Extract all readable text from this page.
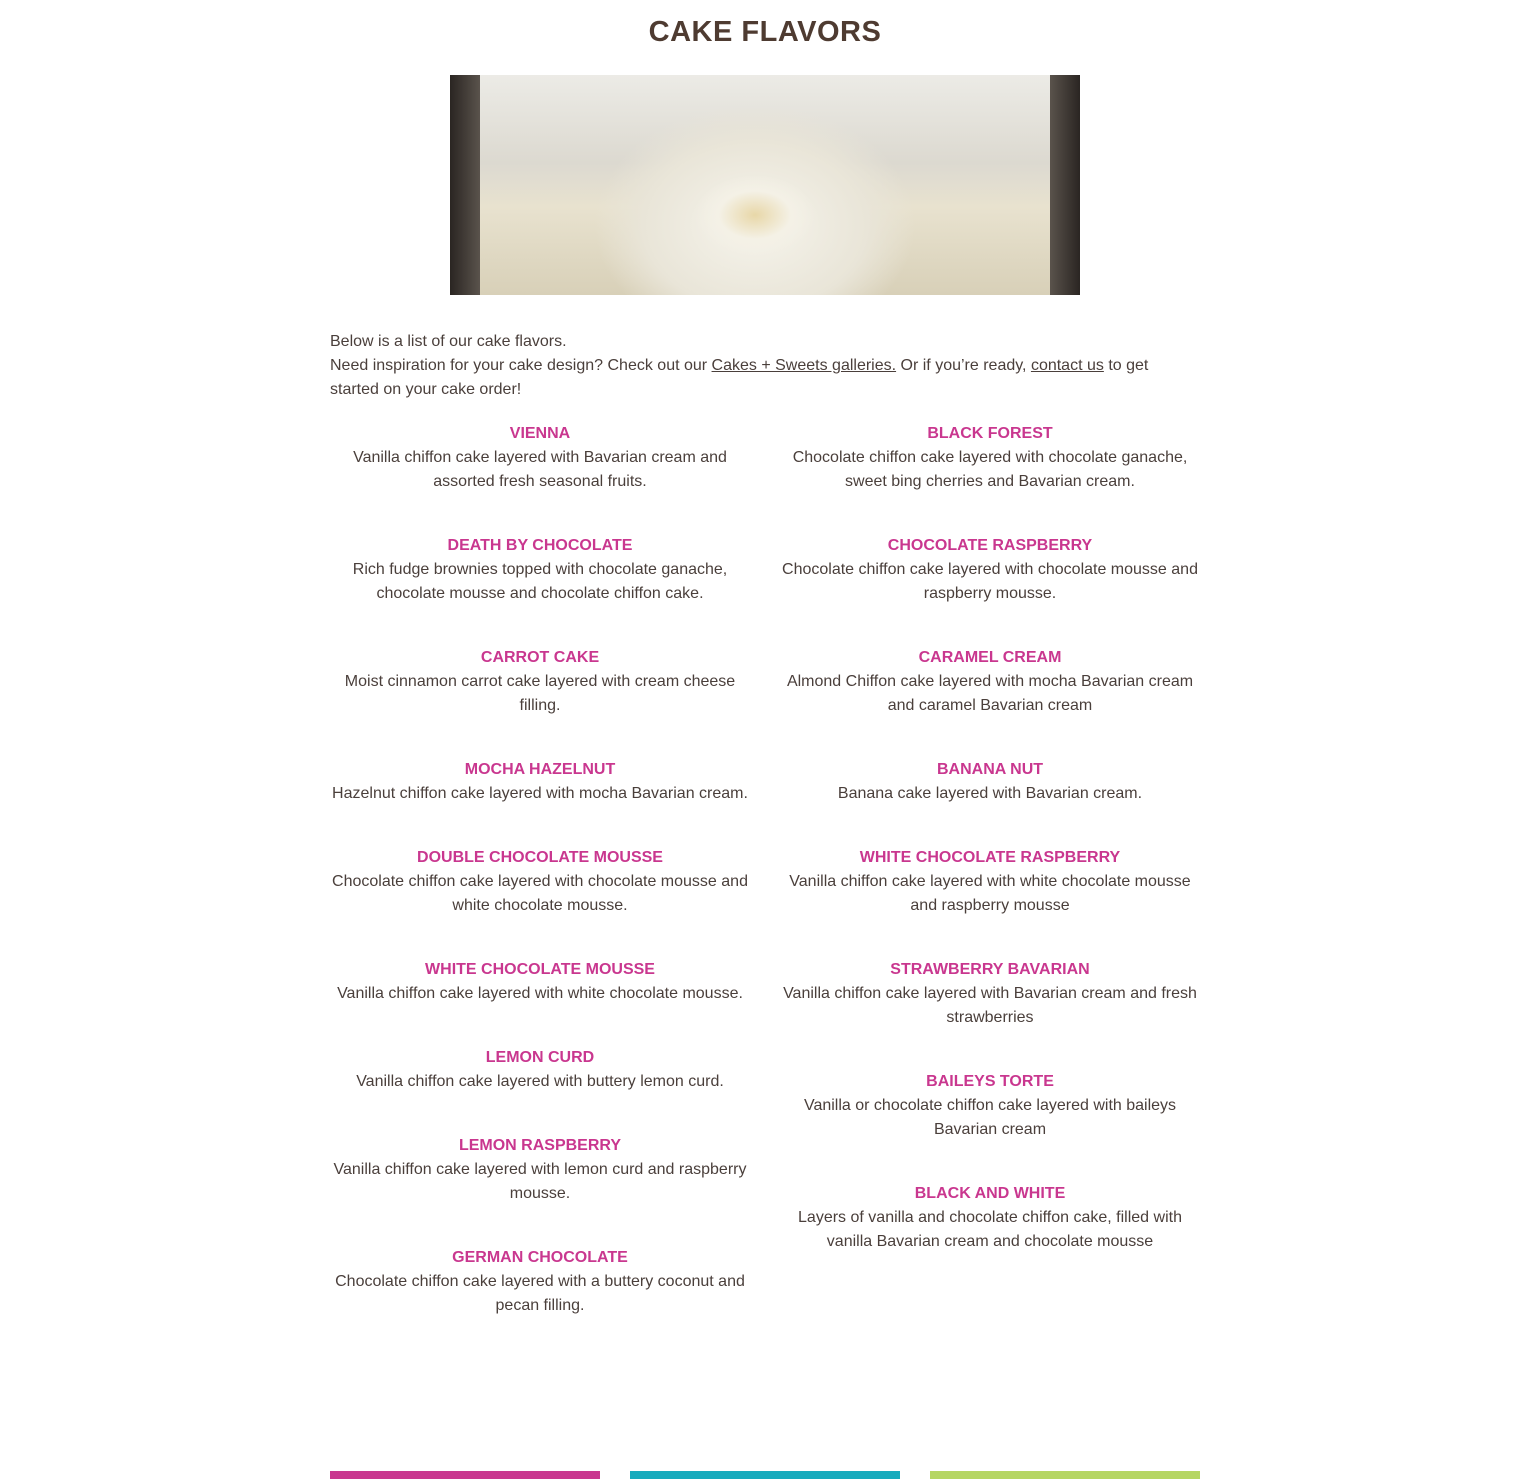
CAKE FLAVORS
Below is a list of our cake flavors.
Need inspiration for your cake design? Check out our Cakes + Sweets galleries. Or if you’re ready, contact us to get started on your cake order!
VIENNA

Vanilla chiffon cake layered with Bavarian cream and assorted fresh seasonal fruits.

DEATH BY CHOCOLATE

Rich fudge brownies topped with chocolate ganache, chocolate mousse and chocolate chiffon cake.

CARROT CAKE

Moist cinnamon carrot cake layered with cream cheese filling.

MOCHA HAZELNUT

Hazelnut chiffon cake layered with mocha Bavarian cream.

DOUBLE CHOCOLATE MOUSSE

Chocolate chiffon cake layered with chocolate mousse and white chocolate mousse.

WHITE CHOCOLATE MOUSSE

Vanilla chiffon cake layered with white chocolate mousse.

LEMON CURD

Vanilla chiffon cake layered with buttery lemon curd.

LEMON RASPBERRY

Vanilla chiffon cake layered with lemon curd and raspberry mousse.

GERMAN CHOCOLATE

Chocolate chiffon cake layered with a buttery coconut and pecan filling.

BLACK FOREST

Chocolate chiffon cake layered with chocolate ganache, sweet bing cherries and Bavarian cream.

CHOCOLATE RASPBERRY

Chocolate chiffon cake layered with chocolate mousse and raspberry mousse.

CARAMEL CREAM

Almond Chiffon cake layered with mocha Bavarian cream and caramel Bavarian cream

BANANA NUT

Banana cake layered with Bavarian cream.

WHITE CHOCOLATE RASPBERRY

Vanilla chiffon cake layered with white chocolate mousse and raspberry mousse

STRAWBERRY BAVARIAN

Vanilla chiffon cake layered with Bavarian cream and fresh strawberries

BAILEYS TORTE

Vanilla or chocolate chiffon cake layered with baileys Bavarian cream

BLACK AND WHITE

Layers of vanilla and chocolate chiffon cake, filled with vanilla Bavarian cream and chocolate mousse
